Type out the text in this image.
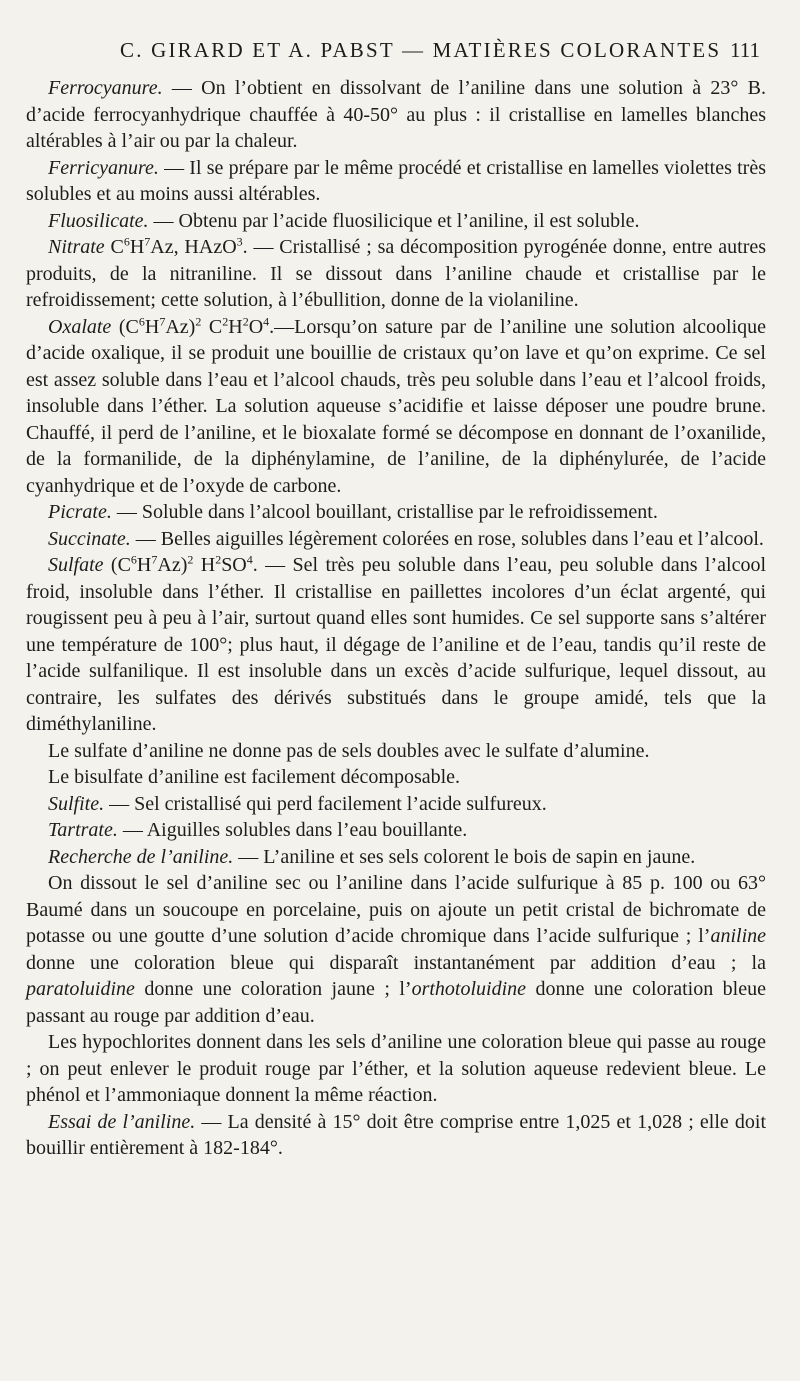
C. GIRARD ET A. PABST — MATIÈRES COLORANTES 111

Ferrocyanure. — On l’obtient en dissolvant de l’aniline dans une solution à 23° B. d’acide ferrocyanhydrique chauffée à 40-50° au plus : il cristallise en lamelles blanches altérables à l’air ou par la chaleur.

Ferricyanure. — Il se prépare par le même procédé et cristallise en lamelles violettes très solubles et au moins aussi altérables.

Fluosilicate. — Obtenu par l’acide fluosilicique et l’aniline, il est soluble.

Nitrate $C^6H^7Az$, HAzO$^3$. — Cristallisé ; sa décomposition pyrogénée donne, entre autres produits, de la nitraniline. Il se dissout dans l’aniline chaude et cristallise par le refroidissement; cette solution, à l’ébullition, donne de la violaniline.

Oxalate $(C^6H^7Az)^2$ $C^2H^2O^4.—Lorsqu’on$ sature par de l’aniline une solution alcoolique d’acide oxalique, il se produit une bouillie de cristaux qu’on lave et qu’on exprime. Ce sel est assez soluble dans l’eau et l’alcool chauds, très peu soluble dans l’eau et l’alcool froids, insoluble dans l’éther. La solution aqueuse s’acidifie et laisse déposer une poudre brune. Chauffé, il perd de l’aniline, et le bioxalate formé se décompose en donnant de l’oxanilide, de la formanilide, de la diphénylamine, de l’aniline, de la diphénylurée, de l’acide cyanhydrique et de l’oxyde de carbone.

Picrate. — Soluble dans l’alcool bouillant, cristallise par le refroidissement.

Succinate. — Belles aiguilles légèrement colorées en rose, solubles dans l’eau et l’alcool.

Sulfate $(C^6H^7Az)^2$ $H^2SO^4$. — Sel très peu soluble dans l’eau, peu soluble dans l’alcool froid, insoluble dans l’éther. Il cristallise en paillettes incolores d’un éclat argenté, qui rougissent peu à peu à l’air, surtout quand elles sont humides. Ce sel supporte sans s’altérer une température de 100°; plus haut, il dégage de l’aniline et de l’eau, tandis qu’il reste de l’acide sulfanilique. Il est insoluble dans un excès d’acide sulfurique, lequel dissout, au contraire, les sulfates des dérivés substitués dans le groupe amidé, tels que la diméthylaniline.

Le sulfate d’aniline ne donne pas de sels doubles avec le sulfate d’alumine.

Le bisulfate d’aniline est facilement décomposable.

Sulfite. — Sel cristallisé qui perd facilement l’acide sulfureux.

Tartrate. — Aiguilles solubles dans l’eau bouillante.

Recherche de l’aniline. — L’aniline et ses sels colorent le bois de sapin en jaune.

On dissout le sel d’aniline sec ou l’aniline dans l’acide sulfurique à 85 p. 100 ou 63° Baumé dans un soucoupe en porcelaine, puis on ajoute un petit cristal de bichromate de potasse ou une goutte d’une solution d’acide chromique dans l’acide sulfurique ; l’aniline donne une coloration bleue qui disparaît instantanément par addition d’eau ; la paratoluidine donne une coloration jaune ; l’orthotoluidine donne une coloration bleue passant au rouge par addition d’eau.

Les hypochlorites donnent dans les sels d’aniline une coloration bleue qui passe au rouge ; on peut enlever le produit rouge par l’éther, et la solution aqueuse redevient bleue. Le phénol et l’ammoniaque donnent la même réaction.

Essai de l’aniline. — La densité à 15° doit être comprise entre 1,025 et 1,028 ; elle doit bouillir entièrement à 182-184°.
